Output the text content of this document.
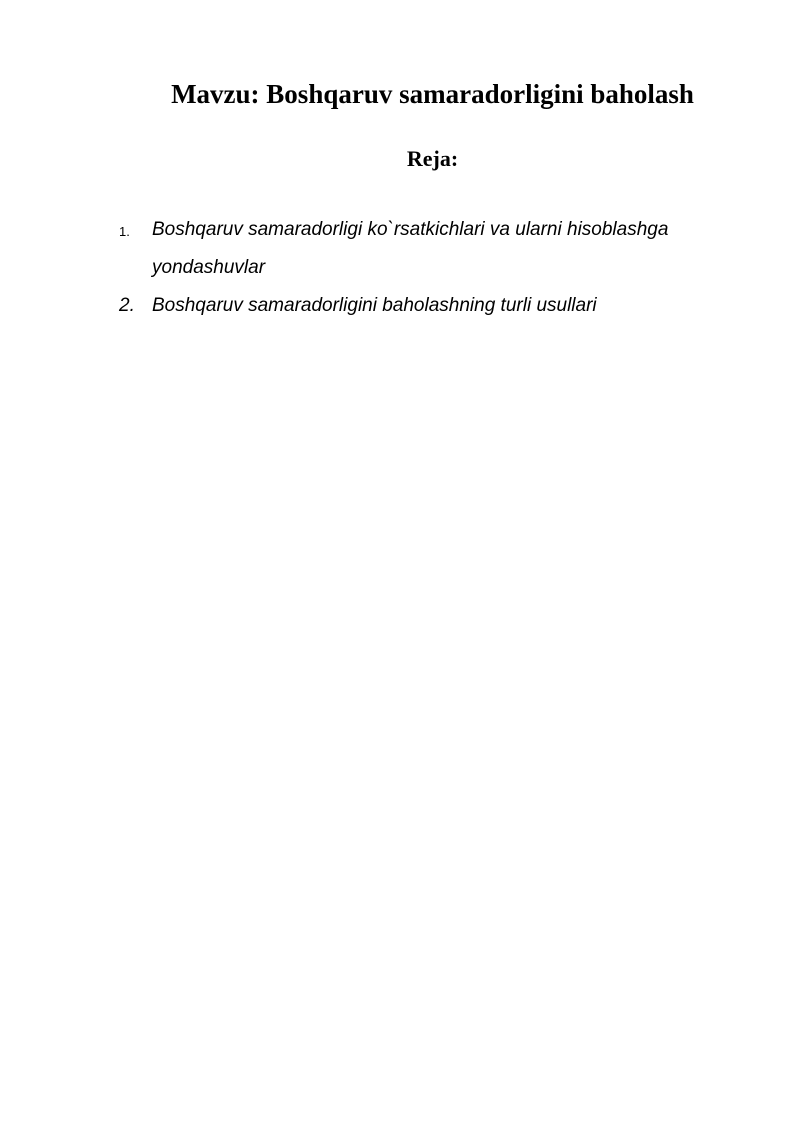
Mavzu: Boshqaruv samaradorligini baholash
Reja:
1. Boshqaruv samaradorligi ko`rsatkichlari va ularni hisoblashga yondashuvlar
2. Boshqaruv samaradorligini baholashning turli usullari
